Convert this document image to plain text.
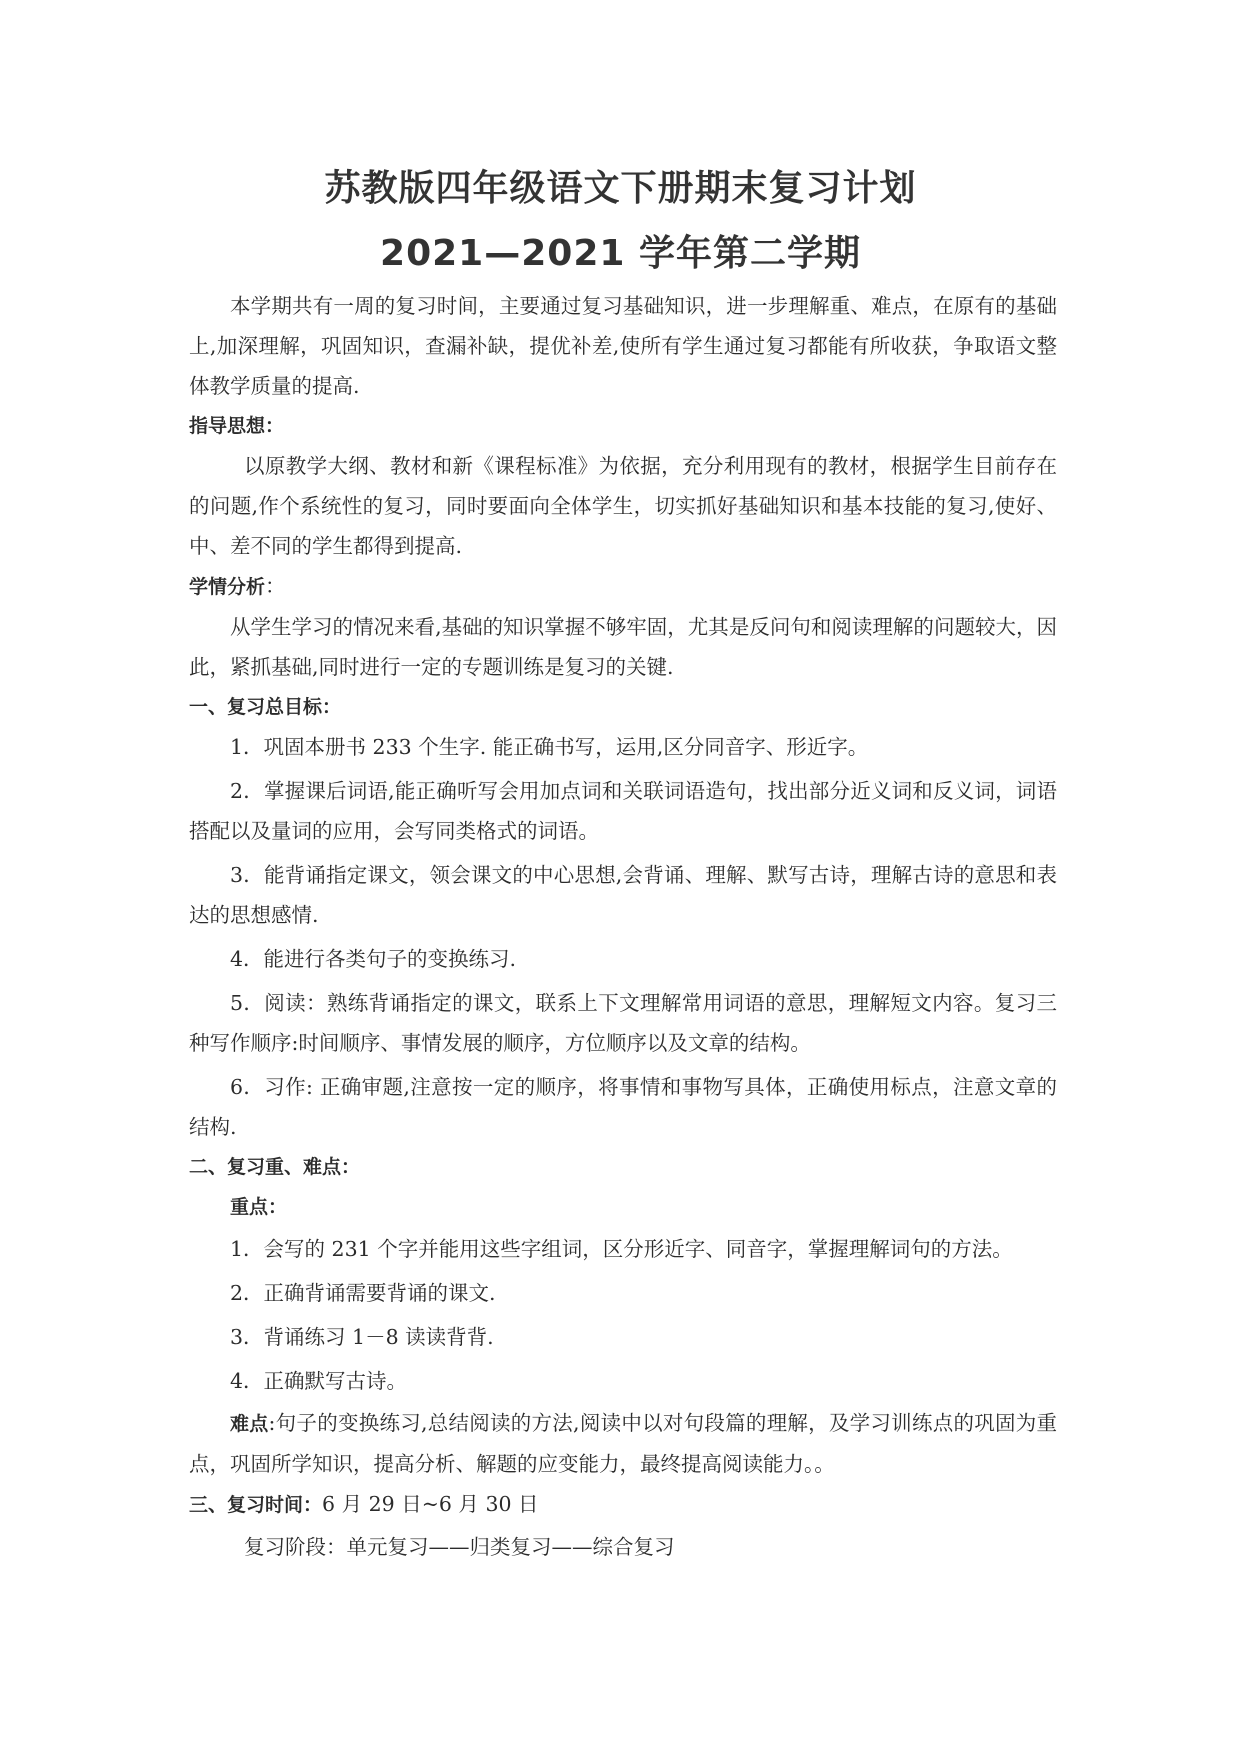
苏教版四年级语文下册期末复习计划
2021—2021 学年第二学期

本学期共有一周的复习时间，主要通过复习基础知识，进一步理解重、难点，在原有的基础上,加深理解，巩固知识，查漏补缺，提优补差,使所有学生通过复习都能有所收获，争取语文整体教学质量的提高.

指导思想：

以原教学大纲、教材和新《课程标准》为依据，充分利用现有的教材，根据学生目前存在的问题,作个系统性的复习，同时要面向全体学生，切实抓好基础知识和基本技能的复习,使好、中、差不同的学生都得到提高.

学情分析：

从学生学习的情况来看,基础的知识掌握不够牢固，尤其是反问句和阅读理解的问题较大，因此，紧抓基础,同时进行一定的专题训练是复习的关键.

一、复习总目标：

1．巩固本册书 233 个生字. 能正确书写，运用,区分同音字、形近字。

2．掌握课后词语,能正确听写会用加点词和关联词语造句，找出部分近义词和反义词，词语搭配以及量词的应用，会写同类格式的词语。

3．能背诵指定课文，领会课文的中心思想,会背诵、理解、默写古诗，理解古诗的意思和表达的思想感情.

4．能进行各类句子的变换练习.

5．阅读：熟练背诵指定的课文，联系上下文理解常用词语的意思，理解短文内容。复习三种写作顺序:时间顺序、事情发展的顺序，方位顺序以及文章的结构。

6．习作: 正确审题,注意按一定的顺序，将事情和事物写具体，正确使用标点，注意文章的结构.

二、复习重、难点：
重点：

1．会写的 231 个字并能用这些字组词，区分形近字、同音字，掌握理解词句的方法。

2．正确背诵需要背诵的课文.

3．背诵练习 1－8 读读背背.

4．正确默写古诗。

难点:句子的变换练习,总结阅读的方法,阅读中以对句段篇的理解，及学习训练点的巩固为重点，巩固所学知识，提高分析、解题的应变能力，最终提高阅读能力。。

三、复习时间：6 月 29 日~6 月 30 日

复习阶段：单元复习——归类复习——综合复习
